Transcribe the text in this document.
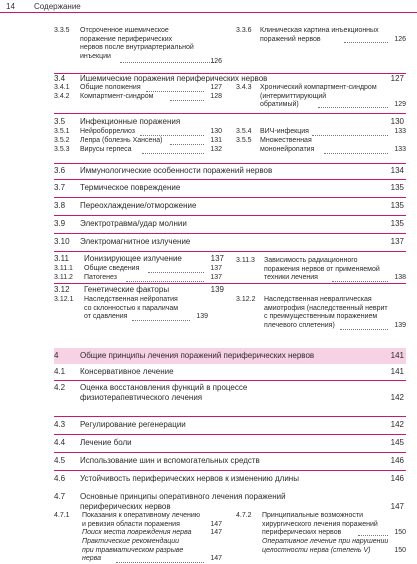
14 Содержание
3.3.5 Отсроченное ишемическое
поражение периферических
нервов после внутриартериальной
инъекции
126
3.3.6 Клиническая картина инъекционных
поражений нервов	126
3.4 Ишемические поражения периферических нервов	127
3.4.1 Общие положения	127
3.4.2 Компартмент-синдром	128
3.4.3 Хронический компартмент-синдром
(интермиттирующий
обратимый)	129
3.5 Инфекционные поражения	130
3.5.1 Нейроборрелиоз	130
3.5.2 Лепра (болезнь Хансена)	131
3.5.3 Вирусы герпеса	132
3.5.4 ВИЧ-инфекция	133
3.5.5 Множественная
мононейропатия	133
3.6 Иммунологические особенности поражений нервов	134
3.7 Термическое повреждение	135
3.8 Переохлаждение/отморожение	135
3.9 Электротравма/удар молнии	135
3.10 Электромагнитное излучение	137
3.11 Ионизирующее излучение	137
3.11.1 Общие сведения	137
3.11.2 Патогенез	137
3.11.3 Зависимость радиационного
поражения нервов от применяемой
техники лечения	138
3.12 Генетические факторы	139
3.12.1 Наследственная нейропатия
со склонностью к параличам
от сдавления	139
3.12.2 Наследственная невралгическая
амиотрофия (наследственный неврит
с преимущественным поражением
плечевого сплетения)	139
4	Общие принципы лечения поражений периферических нервов	141
4.1 Консервативное лечение	141
4.2 Оценка восстановления функций в процессе
физиотерапевтического лечения	142
4.3 Регулирование регенерации	142
4.4 Лечение боли	145
4.5 Использование шин и вспомогательных средств	146
4.6 Устойчивость периферических нервов к изменению длины	146
4.7 Основные принципы оперативного лечения поражений
периферических нервов	147
4.7.1 Показания к оперативному лечению
и ревизия области поражения	147
Поиск места повреждения нерва	147
Практические рекомендации
при травматическом разрыве
нерва	147
4.7.2 Принципиальные возможности
хирургического лечения поражений
периферических нервов	150
Оперативное лечение при нарушении
целостности нерва (степень V)	150
